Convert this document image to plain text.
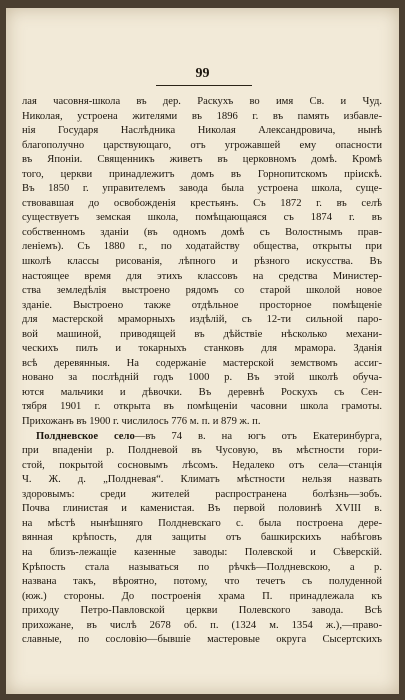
99
лая часовня-школа въ дер. Раскухъ во имя Св. и Чуд.
Николая, устроена жителями въ 1896 г. въ память избавле-
нія Государя Наслѣдника Николая Александровича, нынѣ
благополучно царствующаго, отъ угрожавшей ему опасности
въ Японіи. Священникъ живетъ въ церковномъ домѣ. Кромѣ
того, церкви принадлежитъ домъ въ Горнопитскомъ пріискѣ.
Въ 1850 г. управителемъ завода была устроена школа, суще-
ствовавшая до освобожденія крестьянъ. Съ 1872 г. въ селѣ
существуетъ земская школа, помѣщающаяся съ 1874 г. въ
собственномъ зданіи (въ одномъ домѣ съ Волостнымъ прав-
леніемъ). Съ 1880 г., по ходатайству общества, открыты при
школѣ классы рисованія, лѣпного и рѣзного искусства. Въ
настоящее время для этихъ классовъ на средства Министер-
ства земледѣлія выстроено рядомъ со старой школой новое
зданіе. Выстроено также отдѣльное просторное помѣщеніе
для мастерской мраморныхъ издѣлій, съ 12-ти сильной паро-
вой машиной, приводящей въ дѣйствіе нѣсколько механи-
ческихъ пилъ и токарныхъ станковъ для мрамора. Зданія
всѣ деревянныя. На содержаніе мастерской земствомъ ассиг-
новано за послѣдній годъ 1000 р. Въ этой школѣ обуча-
ются мальчики и дѣвочки. Въ деревнѣ Роскухъ съ Сен-
тября 1901 г. открыта въ помѣщеніи часовни школа грамоты.
Прихожанъ въ 1900 г. числилось 776 м. п. и 879 ж. п.
Полдневское село—въ 74 в. на югъ отъ Екатеринбурга,
при впаденіи р. Полдневой въ Чусовую, въ мѣстности гори-
стой, покрытой сосновымъ лѣсомъ. Недалеко отъ села—станція
Ч. Ж. д. „Полдневая“. Климатъ мѣстности нельзя назвать
здоровымъ: среди жителей распространена болѣзнь—зобъ.
Почва глинистая и каменистая. Въ первой половинѣ XVIII в.
на мѣстѣ нынѣшняго Полдневскаго с. была построена дере-
вянная крѣпость, для защиты отъ башкирскихъ набѣговъ
на близъ-лежащіе казенные заводы: Полевской и Сѣверскій.
Крѣпость стала называться по рѣчкѣ—Полдневскою, а р.
названа такъ, вѣроятно, потому, что течетъ съ полуденной
(юж.) стороны. До построенія храма П. принадлежала къ
приходу Петро-Павловской церкви Полевского завода. Всѣ
прихожане, въ числѣ 2678 об. п. (1324 м. 1354 ж.),—право-
славные, по сословію—бывшіе мастеровые округа Сысертскихъ
